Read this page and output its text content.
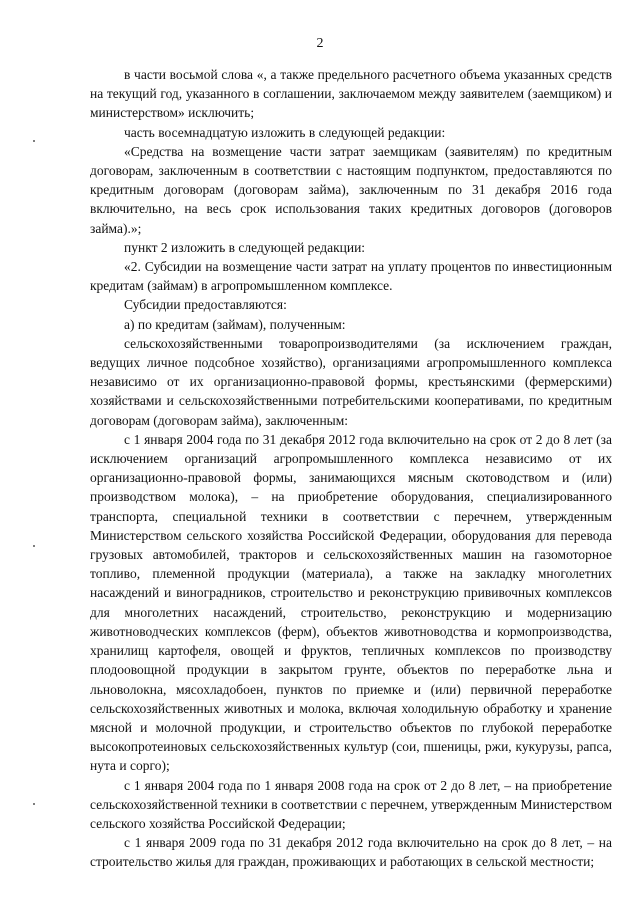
2

в части восьмой слова «, а также предельного расчетного объема указанных средств на текущий год, указанного в соглашении, заключаемом между заявителем (заемщиком) и министерством» исключить;

часть восемнадцатую изложить в следующей редакции:

«Средства на возмещение части затрат заемщикам (заявителям) по кредитным договорам, заключенным в соответствии с настоящим подпунктом, предоставляются по кредитным договорам (договорам займа), заключенным по 31 декабря 2016 года включительно, на весь срок использования таких кредитных договоров (договоров займа).»;

пункт 2 изложить в следующей редакции:

«2. Субсидии на возмещение части затрат на уплату процентов по инвестиционным кредитам (займам) в агропромышленном комплексе.

Субсидии предоставляются:

а) по кредитам (займам), полученным:

сельскохозяйственными товаропроизводителями (за исключением граждан, ведущих личное подсобное хозяйство), организациями агропромышленного комплекса независимо от их организационно-правовой формы, крестьянскими (фермерскими) хозяйствами и сельскохозяйственными потребительскими кооперативами, по кредитным договорам (договорам займа), заключенным:

с 1 января 2004 года по 31 декабря 2012 года включительно на срок от 2 до 8 лет (за исключением организаций агропромышленного комплекса независимо от их организационно-правовой формы, занимающихся мясным скотоводством и (или) производством молока), – на приобретение оборудования, специализированного транспорта, специальной техники в соответствии с перечнем, утвержденным Министерством сельского хозяйства Российской Федерации, оборудования для перевода грузовых автомобилей, тракторов и сельскохозяйственных машин на газомоторное топливо, племенной продукции (материала), а также на закладку многолетних насаждений и виноградников, строительство и реконструкцию прививочных комплексов для многолетних насаждений, строительство, реконструкцию и модернизацию животноводческих комплексов (ферм), объектов животноводства и кормопроизводства, хранилищ картофеля, овощей и фруктов, тепличных комплексов по производству плодоовощной продукции в закрытом грунте, объектов по переработке льна и льноволокна, мясохладобоен, пунктов по приемке и (или) первичной переработке сельскохозяйственных животных и молока, включая холодильную обработку и хранение мясной и молочной продукции, и строительство объектов по глубокой переработке высокопротеиновых сельскохозяйственных культур (сои, пшеницы, ржи, кукурузы, рапса, нута и сорго);

с 1 января 2004 года по 1 января 2008 года на срок от 2 до 8 лет, – на приобретение сельскохозяйственной техники в соответствии с перечнем, утвержденным Министерством сельского хозяйства Российской Федерации;

с 1 января 2009 года по 31 декабря 2012 года включительно на срок до 8 лет, – на строительство жилья для граждан, проживающих и работающих в сельской местности;
